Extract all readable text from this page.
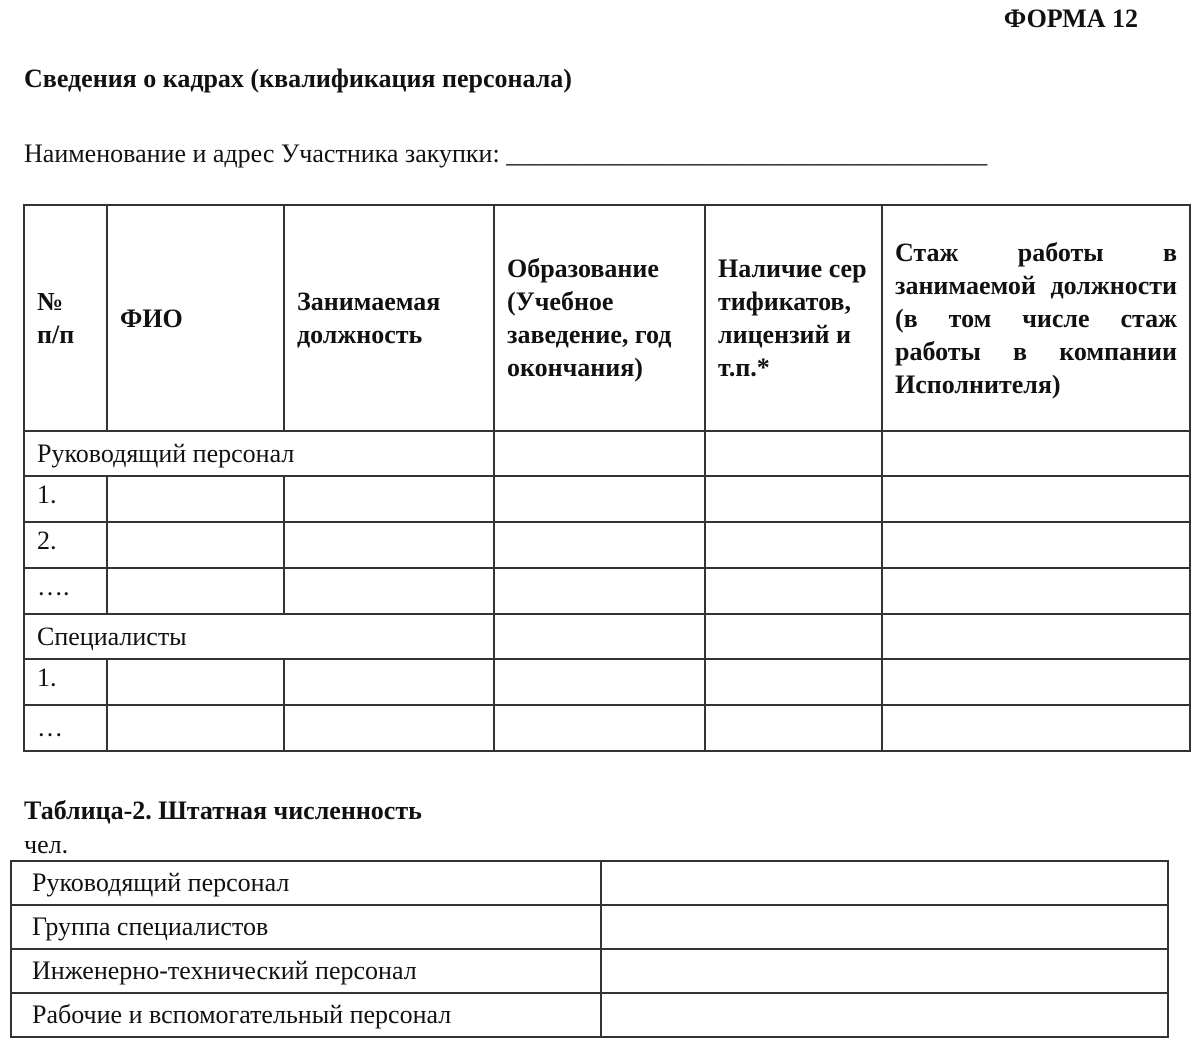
ФОРМА 12
Сведения о кадрах (квалификация персонала)
Наименование и адрес Участника закупки: _____________________________________
№ п/п	ФИО	Занимаемая должность	Образование (Учебное заведение, год окончания)	Наличие сертификатов, лицензий и т.п.*	Стаж работы в занимаемой должности (в том числе стаж работы в компании Исполнителя)
Руководящий персонал					
1.					
2.					
….					
Специалисты					
1.					
…					
Таблица-2. Штатная численность
чел.
Руководящий персонал	
Группа специалистов	
Инженерно-технический персонал	
Рабочие и вспомогательный персонал	
